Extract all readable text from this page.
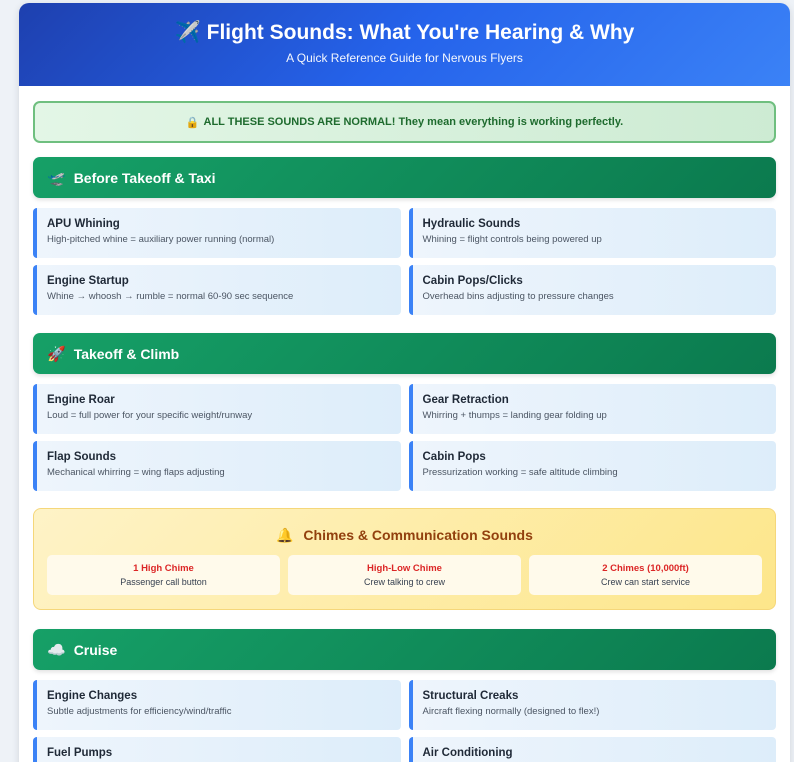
✈️ Flight Sounds: What You're Hearing & Why
A Quick Reference Guide for Nervous Flyers
🔒 ALL THESE SOUNDS ARE NORMAL! They mean everything is working perfectly.
🛫 Before Takeoff & Taxi
APU Whining
High-pitched whine = auxiliary power running (normal)
Hydraulic Sounds
Whining = flight controls being powered up
Engine Startup
Whine → whoosh → rumble = normal 60-90 sec sequence
Cabin Pops/Clicks
Overhead bins adjusting to pressure changes
🚀 Takeoff & Climb
Engine Roar
Loud = full power for your specific weight/runway
Gear Retraction
Whirring + thumps = landing gear folding up
Flap Sounds
Mechanical whirring = wing flaps adjusting
Cabin Pops
Pressurization working = safe altitude climbing
🔔 Chimes & Communication Sounds
1 High Chime
Passenger call button
High-Low Chime
Crew talking to crew
2 Chimes (10,000ft)
Crew can start service
☁️ Cruise
Engine Changes
Subtle adjustments for efficiency/wind/traffic
Structural Creaks
Aircraft flexing normally (designed to flex!)
Fuel Pumps	Air Conditioning
